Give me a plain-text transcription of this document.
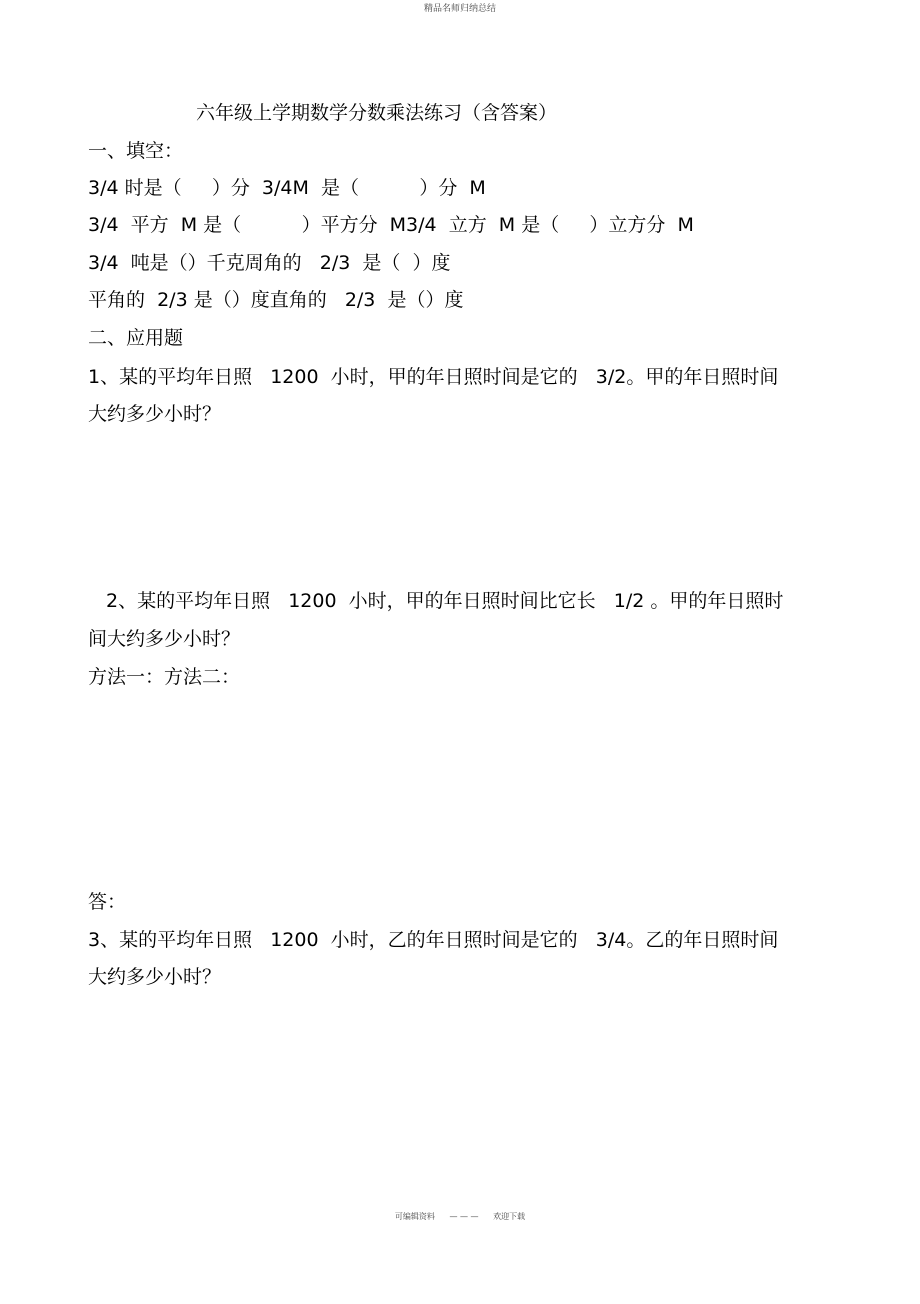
精品名师归纳总结
六年级上学期数学分数乘法练习（含答案）
一、填空：
3/4 时是（     ）分  3/4M  是（          ）分  M
3/4  平方  M 是（          ）平方分  M3/4  立方  M 是（     ）立方分  M
3/4  吨是（）千克周角的   2/3  是（  ）度
平角的  2/3 是（）度直角的   2/3  是（）度
二、应用题
1、某的平均年日照   1200  小时，甲的年日照时间是它的   3/2。甲的年日照时间
大约多少小时？
2、某的平均年日照   1200  小时，甲的年日照时间比它长   1/2 。甲的年日照时
间大约多少小时？
方法一：方法二：
答：
3、某的平均年日照   1200  小时，乙的年日照时间是它的   3/4。乙的年日照时间
大约多少小时？
可编辑资料 — — — 欢迎下载
